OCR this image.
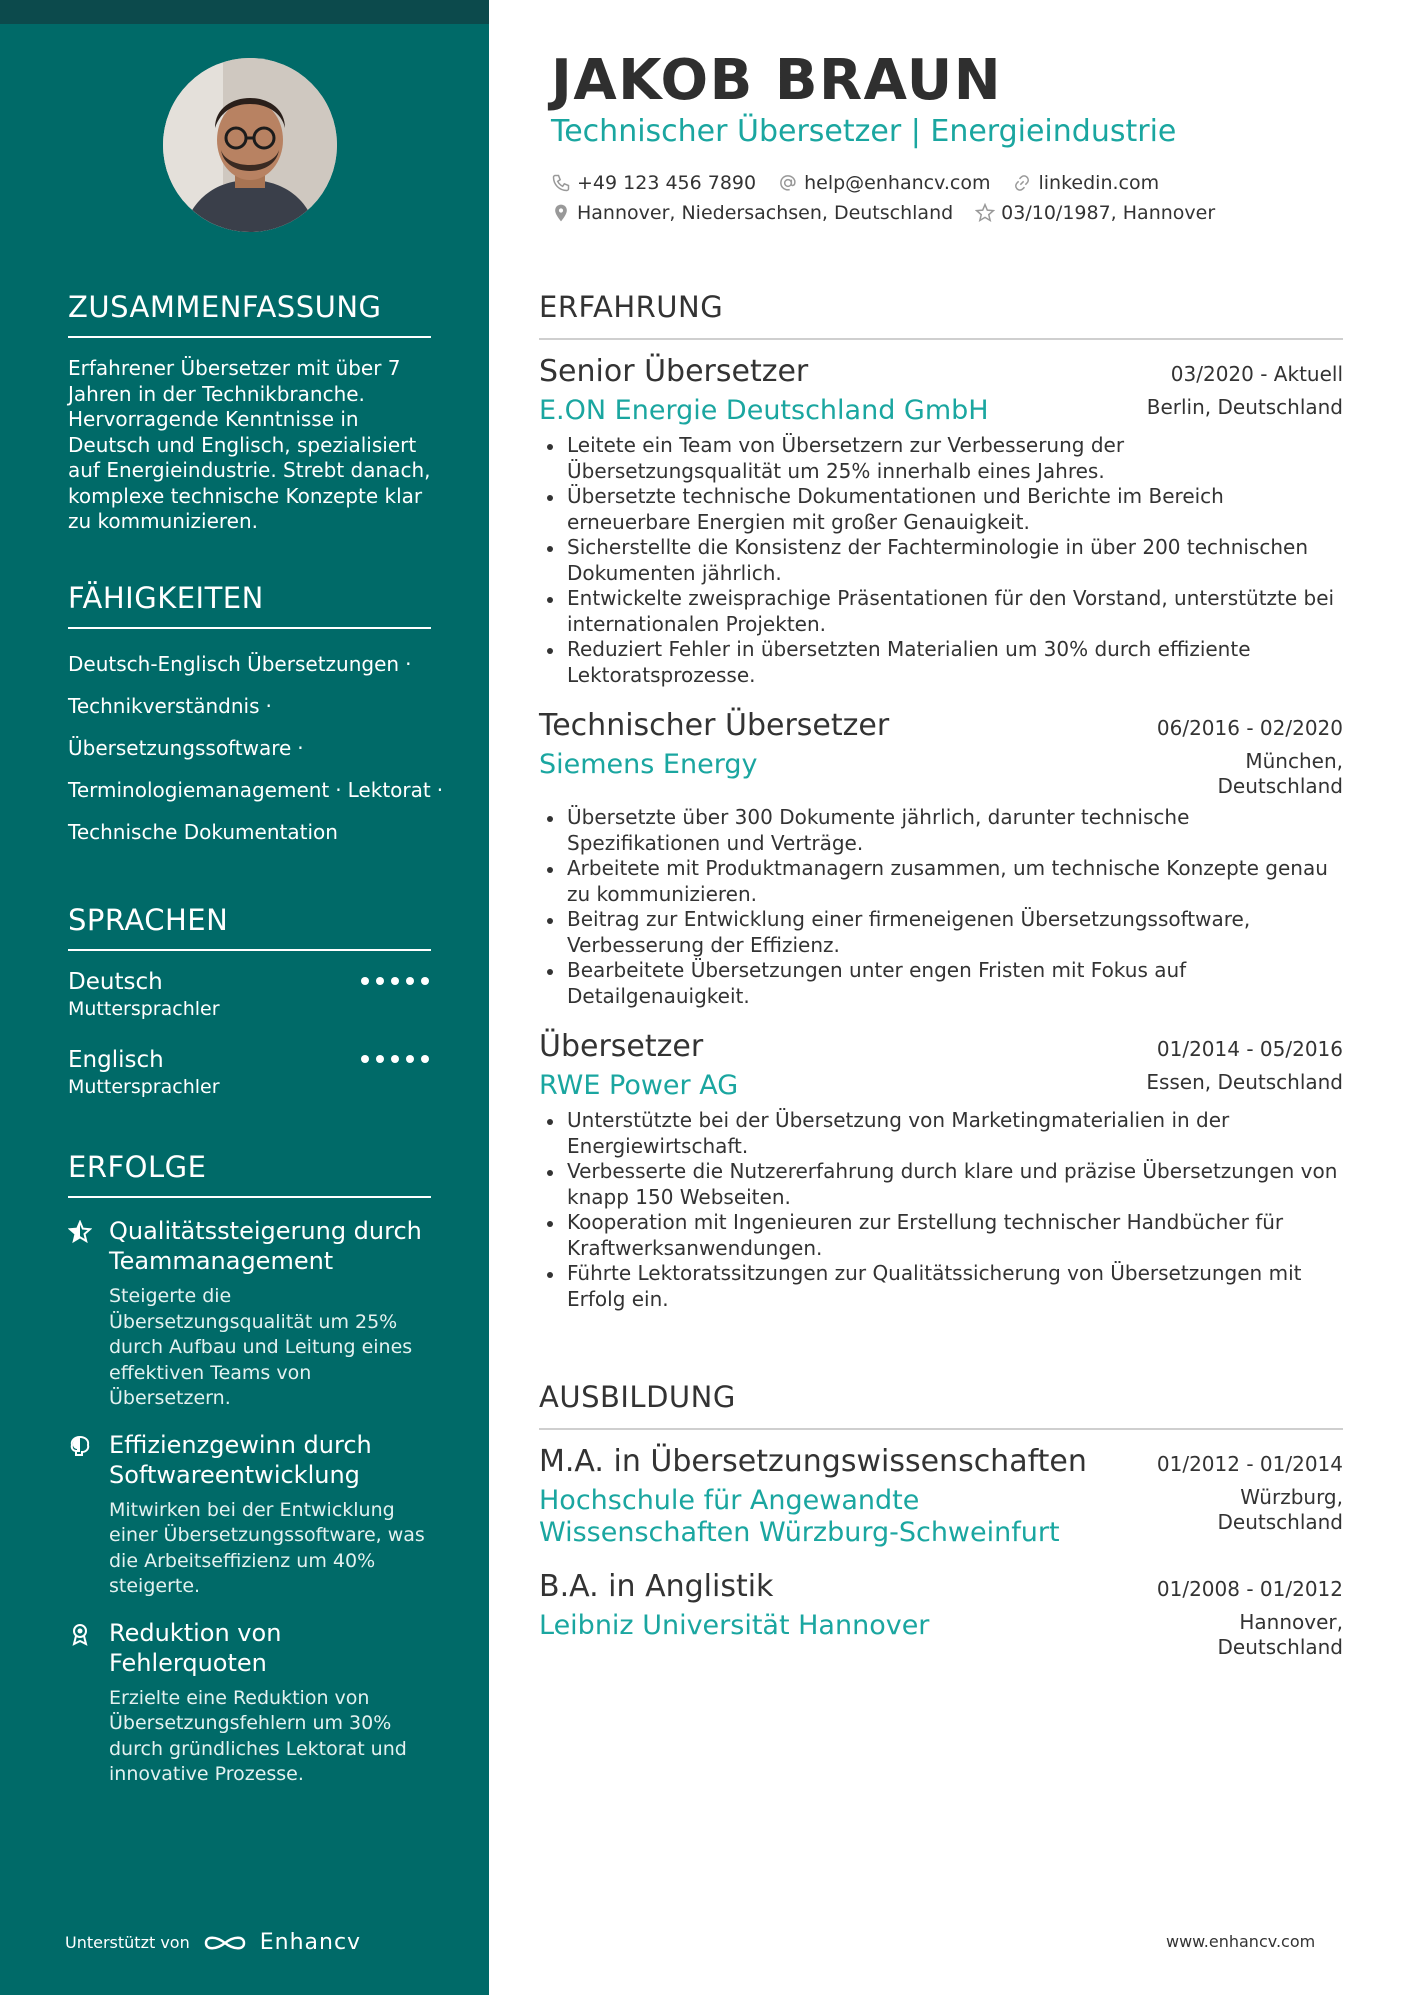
ZUSAMMENFASSUNG
Erfahrener Übersetzer mit über 7 Jahren in der Technikbranche. Hervorragende Kenntnisse in Deutsch und Englisch, spezialisiert auf Energieindustrie. Strebt danach, komplexe technische Konzepte klar zu kommunizieren.
FÄHIGKEITEN
Deutsch-Englisch Übersetzungen ·
Technikverständnis ·
Übersetzungssoftware ·
Terminologiemanagement · Lektorat ·
Technische Dokumentation
SPRACHEN
Deutsch
Muttersprachler
Englisch
Muttersprachler
ERFOLGE
Qualitätssteigerung durch Teammanagement
Steigerte die Übersetzungsqualität um 25% durch Aufbau und Leitung eines effektiven Teams von Übersetzern.
Effizienzgewinn durch Softwareentwicklung
Mitwirken bei der Entwicklung einer Übersetzungssoftware, was die Arbeitseffizienz um 40% steigerte.
Reduktion von Fehlerquoten
Erzielte eine Reduktion von Übersetzungsfehlern um 30% durch gründliches Lektorat und innovative Prozesse.
Unterstützt von	Enhancv
JAKOB BRAUN
Technischer Übersetzer | Energieindustrie
+49 123 456 7890	help@enhancv.com	linkedin.com
Hannover, Niedersachsen, Deutschland	03/10/1987, Hannover
ERFAHRUNG
Senior Übersetzer	03/2020 - Aktuell
E.ON Energie Deutschland GmbH	Berlin, Deutschland
Leitete ein Team von Übersetzern zur Verbesserung der Übersetzungsqualität um 25% innerhalb eines Jahres.
Übersetzte technische Dokumentationen und Berichte im Bereich erneuerbare Energien mit großer Genauigkeit.
Sicherstellte die Konsistenz der Fachterminologie in über 200 technischen Dokumenten jährlich.
Entwickelte zweisprachige Präsentationen für den Vorstand, unterstützte bei internationalen Projekten.
Reduziert Fehler in übersetzten Materialien um 30% durch effiziente Lektoratsprozesse.
Technischer Übersetzer	06/2016 - 02/2020
Siemens Energy	München,
Deutschland
Übersetzte über 300 Dokumente jährlich, darunter technische Spezifikationen und Verträge.
Arbeitete mit Produktmanagern zusammen, um technische Konzepte genau zu kommunizieren.
Beitrag zur Entwicklung einer firmeneigenen Übersetzungssoftware, Verbesserung der Effizienz.
Bearbeitete Übersetzungen unter engen Fristen mit Fokus auf Detailgenauigkeit.
Übersetzer	01/2014 - 05/2016
RWE Power AG	Essen, Deutschland
Unterstützte bei der Übersetzung von Marketingmaterialien in der Energiewirtschaft.
Verbesserte die Nutzererfahrung durch klare und präzise Übersetzungen von knapp 150 Webseiten.
Kooperation mit Ingenieuren zur Erstellung technischer Handbücher für Kraftwerksanwendungen.
Führte Lektoratssitzungen zur Qualitätssicherung von Übersetzungen mit Erfolg ein.
AUSBILDUNG
M.A. in Übersetzungswissenschaften	01/2012 - 01/2014
Hochschule für Angewandte Wissenschaften Würzburg-Schweinfurt
Würzburg,
Deutschland
B.A. in Anglistik	01/2008 - 01/2012
Leibniz Universität Hannover	Hannover,
Deutschland
www.enhancv.com
